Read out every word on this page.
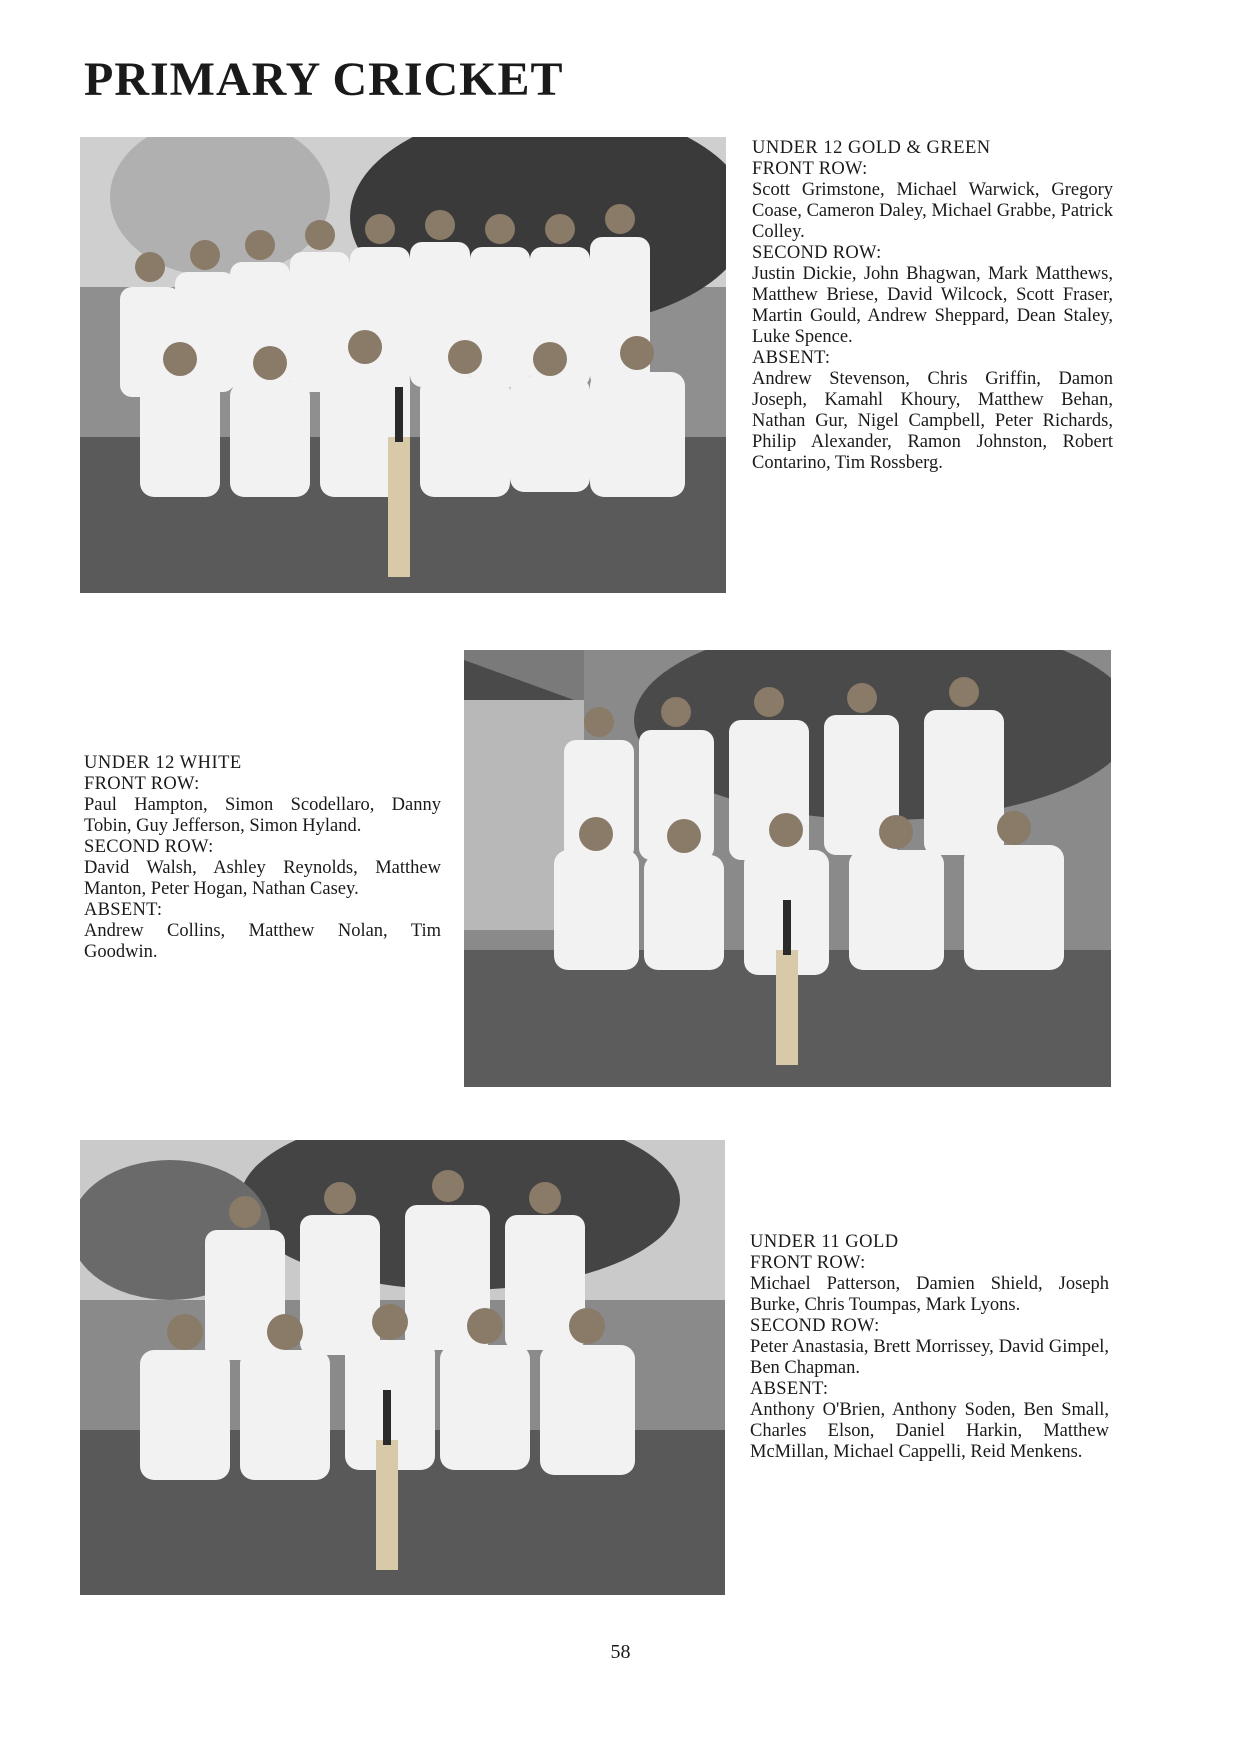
PRIMARY CRICKET

UNDER 12 GOLD & GREEN

FRONT ROW:

Scott Grimstone, Michael Warwick, Gregory Coase, Cameron Daley, Michael Grabbe, Patrick Colley.

SECOND ROW:

Justin Dickie, John Bhagwan, Mark Matthews, Matthew Briese, David Wilcock, Scott Fraser, Martin Gould, Andrew Sheppard, Dean Staley, Luke Spence.

ABSENT:

Andrew Stevenson, Chris Griffin, Damon Joseph, Kamahl Khoury, Matthew Behan, Nathan Gur, Nigel Campbell, Peter Richards, Philip Alexander, Ramon Johnston, Robert Contarino, Tim Rossberg.

UNDER 12 WHITE

FRONT ROW:

Paul Hampton, Simon Scodellaro, Danny Tobin, Guy Jefferson, Simon Hyland.

SECOND ROW:

David Walsh, Ashley Reynolds, Matthew Manton, Peter Hogan, Nathan Casey.

ABSENT:

Andrew Collins, Matthew Nolan, Tim Goodwin.

UNDER 11 GOLD

FRONT ROW:

Michael Patterson, Damien Shield, Joseph Burke, Chris Toumpas, Mark Lyons.

SECOND ROW:

Peter Anastasia, Brett Morrissey, David Gimpel, Ben Chapman.

ABSENT:

Anthony O'Brien, Anthony Soden, Ben Small, Charles Elson, Daniel Harkin, Matthew McMillan, Michael Cappelli, Reid Menkens.

58
